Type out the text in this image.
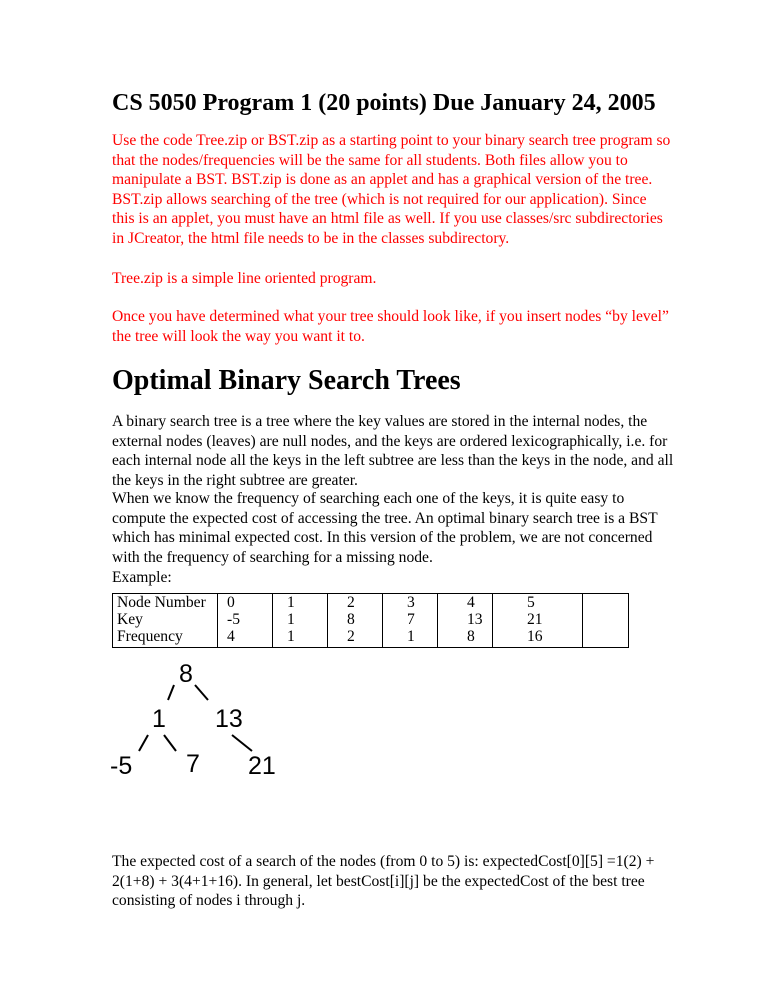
CS 5050 Program 1 (20 points) Due January 24, 2005
Use the code Tree.zip or BST.zip as a starting point to your binary search tree program so
that the nodes/frequencies will be the same for all students. Both files allow you to
manipulate a BST. BST.zip is done as an applet and has a graphical version of the tree.
BST.zip allows searching of the tree (which is not required for our application). Since
this is an applet, you must have an html file as well. If you use classes/src subdirectories
in JCreator, the html file needs to be in the classes subdirectory.
Tree.zip is a simple line oriented program.
Once you have determined what your tree should look like, if you insert nodes “by level”
the tree will look the way you want it to.
Optimal Binary Search Trees
A binary search tree is a tree where the key values are stored in the internal nodes, the
external nodes (leaves) are null nodes, and the keys are ordered lexicographically, i.e. for
each internal node all the keys in the left subtree are less than the keys in the node, and all
the keys in the right subtree are greater.
When we know the frequency of searching each one of the keys, it is quite easy to
compute the expected cost of accessing the tree. An optimal binary search tree is a BST
which has minimal expected cost. In this version of the problem, we are not concerned
with the frequency of searching for a missing node.
Example:
Node Number	0	1	2	3	4	5
Key	-5	1	8	7	13	21
Frequency	4	1	2	1	8	16
8
1 13
-5 7 21
The expected cost of a search of the nodes (from 0 to 5) is: expectedCost[0][5] =1(2) +
2(1+8) + 3(4+1+16). In general, let bestCost[i][j] be the expectedCost of the best tree
consisting of nodes i through j.
